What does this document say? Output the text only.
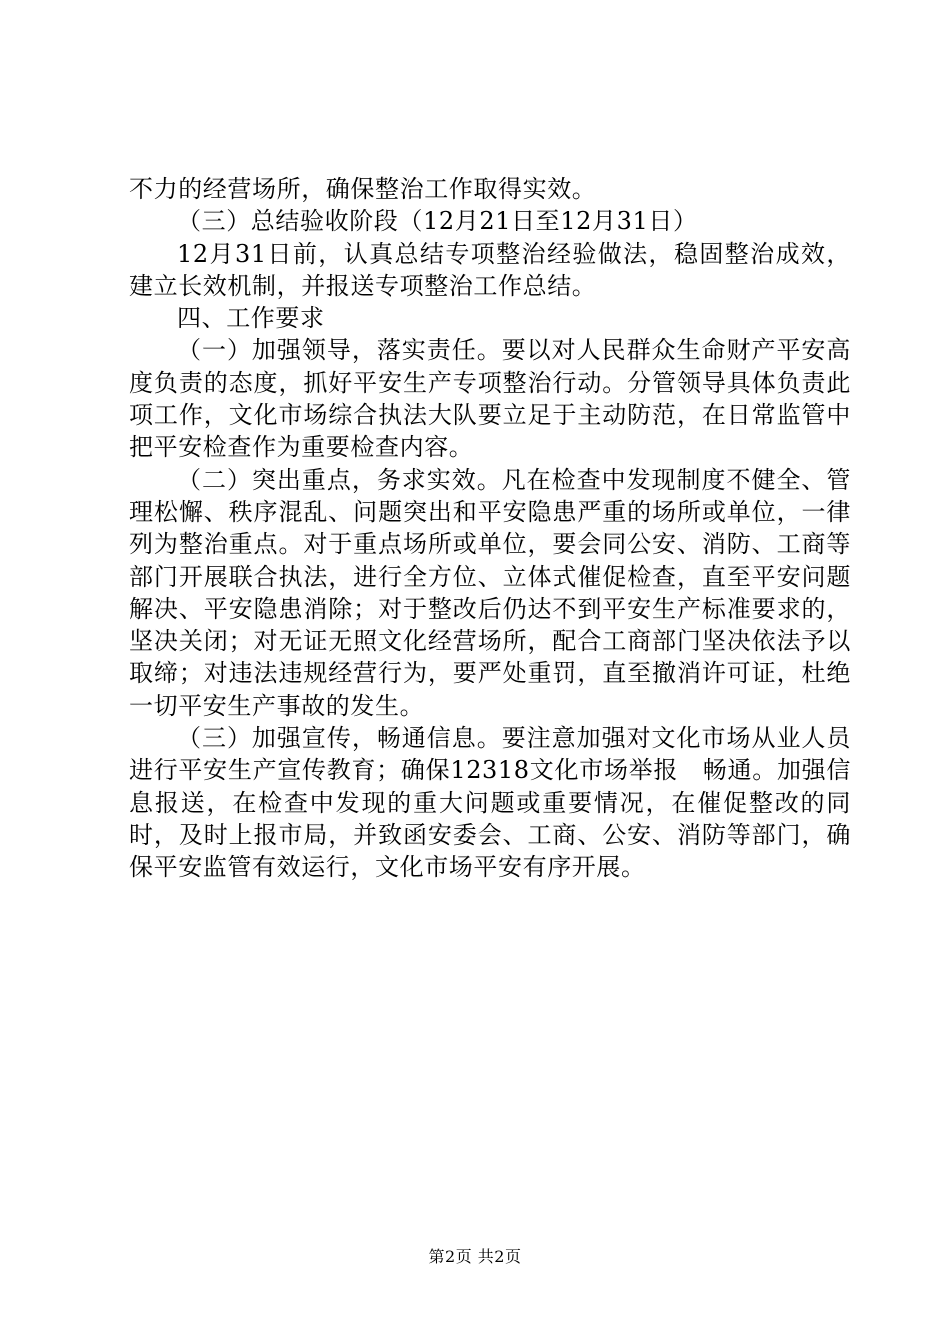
不力的经营场所，确保整治工作取得实效。

（三）总结验收阶段（12月21日至12月31日）

12月31日前，认真总结专项整治经验做法，稳固整治成效，建立长效机制，并报送专项整治工作总结。

四、工作要求

（一）加强领导，落实责任。要以对人民群众生命财产平安高度负责的态度，抓好平安生产专项整治行动。分管领导具体负责此项工作，文化市场综合执法大队要立足于主动防范，在日常监管中把平安检查作为重要检查内容。

（二）突出重点，务求实效。凡在检查中发现制度不健全、管理松懈、秩序混乱、问题突出和平安隐患严重的场所或单位，一律列为整治重点。对于重点场所或单位，要会同公安、消防、工商等部门开展联合执法，进行全方位、立体式催促检查，直至平安问题解决、平安隐患消除；对于整改后仍达不到平安生产标准要求的，坚决关闭；对无证无照文化经营场所，配合工商部门坚决依法予以取缔；对违法违规经营行为，要严处重罚，直至撤消许可证，杜绝一切平安生产事故的发生。

（三）加强宣传，畅通信息。要注意加强对文化市场从业人员进行平安生产宣传教育；确保12318文化市场举报　畅通。加强信息报送，在检查中发现的重大问题或重要情况，在催促整改的同时，及时上报市局，并致函安委会、工商、公安、消防等部门，确保平安监管有效运行，文化市场平安有序开展。

第2页 共2页
